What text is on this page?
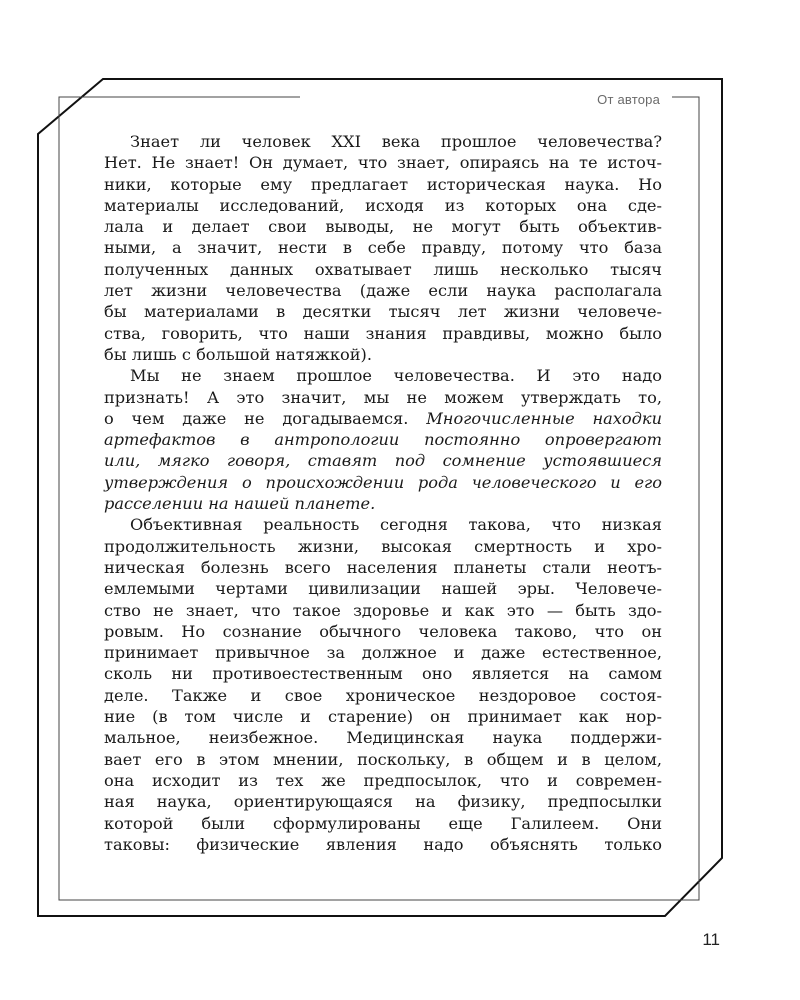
От автора
Знает ли человек XXI века прошлое человечества?
Нет. Не знает! Он думает, что знает, опираясь на те источ-
ники, которые ему предлагает историческая наука. Но
материалы исследований, исходя из которых она сде-
лала и делает свои выводы, не могут быть объектив-
ными, а значит, нести в себе правду, потому что база
полученных данных охватывает лишь несколько тысяч
лет жизни человечества (даже если наука располагала
бы материалами в десятки тысяч лет жизни человече-
ства, говорить, что наши знания правдивы, можно было
бы лишь с большой натяжкой).
Мы не знаем прошлое человечества. И это надо
признать! А это значит, мы не можем утверждать то,
о чем даже не догадываемся. Многочисленные находки
артефактов в антропологии постоянно опровергают
или, мягко говоря, ставят под сомнение устоявшиеся
утверждения о происхождении рода человеческого и его
расселении на нашей планете.
Объективная реальность сегодня такова, что низкая
продолжительность жизни, высокая смертность и хро-
ническая болезнь всего населения планеты стали неотъ-
емлемыми чертами цивилизации нашей эры. Человече-
ство не знает, что такое здоровье и как это — быть здо-
ровым. Но сознание обычного человека таково, что он
принимает привычное за должное и даже естественное,
сколь ни противоестественным оно является на самом
деле. Также и свое хроническое нездоровое состоя-
ние (в том числе и старение) он принимает как нор-
мальное, неизбежное. Медицинская наука поддержи-
вает его в этом мнении, поскольку, в общем и в целом,
она исходит из тех же предпосылок, что и современ-
ная наука, ориентирующаяся на физику, предпосылки
которой были сформулированы еще Галилеем. Они
таковы: физические явления надо объяснять только
11
